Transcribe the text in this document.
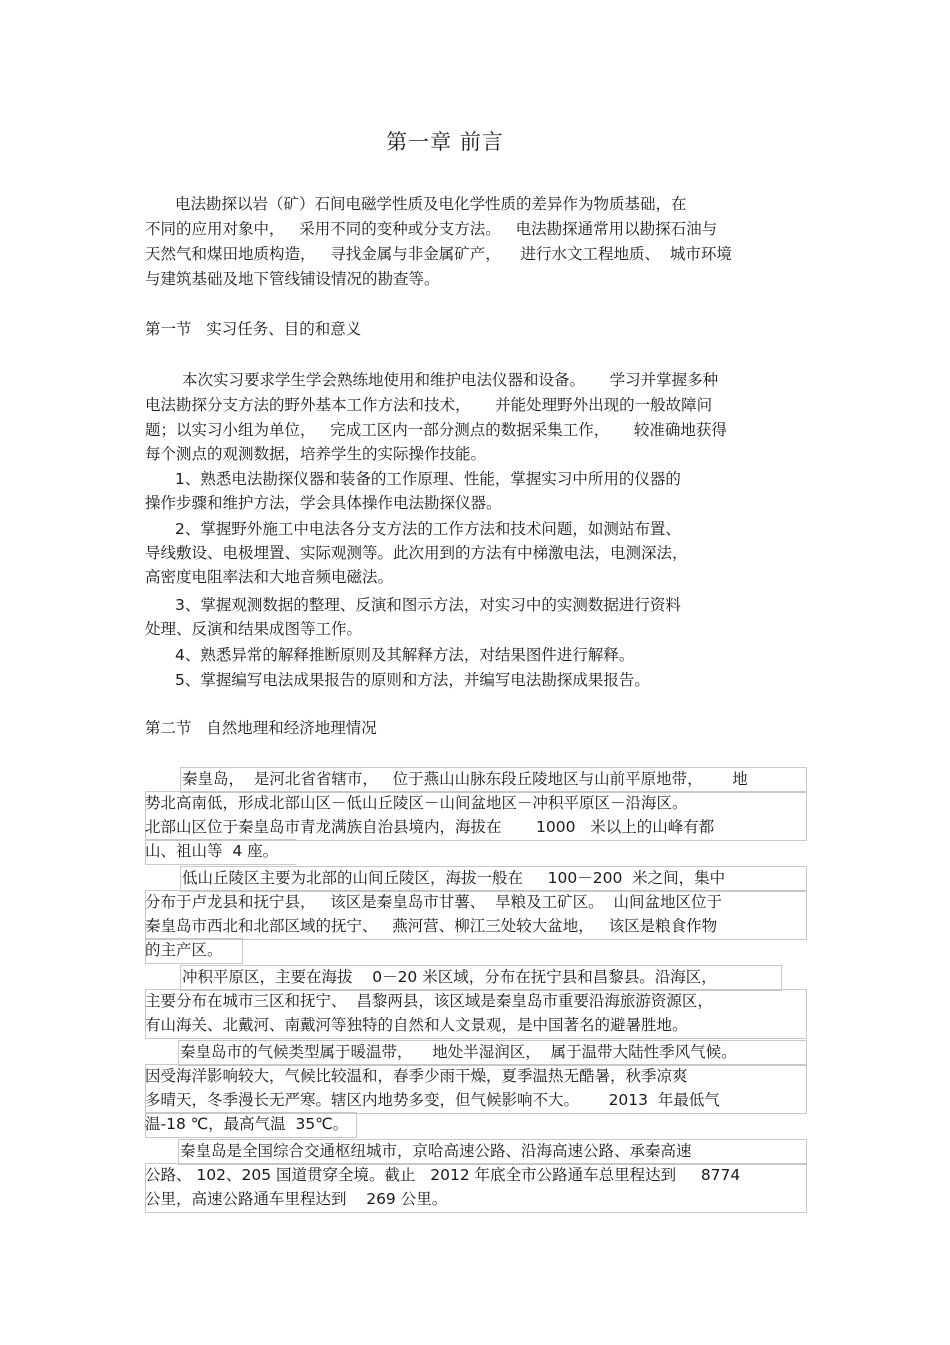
第一章 前言
电法勘探以岩（矿）石间电磁学性质及电化学性质的差异作为物质基础，在
不同的应用对象中，   采用不同的变种或分支方法。   电法勘探通常用以勘探石油与
天然气和煤田地质构造，   寻找金属与非金属矿产，    进行水文工程地质、  城市环境
与建筑基础及地下管线铺设情况的勘查等。
第一节   实习任务、目的和意义
本次实习要求学生学会熟练地使用和维护电法仪器和设备。     学习并掌握多种
电法勘探分支方法的野外基本工作方法和技术，     并能处理野外出现的一般故障问
题；以实习小组为单位，   完成工区内一部分测点的数据采集工作，     较准确地获得
每个测点的观测数据，培养学生的实际操作技能。
1、熟悉电法勘探仪器和装备的工作原理、性能，掌握实习中所用的仪器的
操作步骤和维护方法，学会具体操作电法勘探仪器。
2、掌握野外施工中电法各分支方法的工作方法和技术问题，如测站布置、
导线敷设、电极埋置、实际观测等。此次用到的方法有中梯激电法，电测深法，
高密度电阻率法和大地音频电磁法。
3、掌握观测数据的整理、反演和图示方法，对实习中的实测数据进行资料
处理、反演和结果成图等工作。
4、熟悉异常的解释推断原则及其解释方法，对结果图件进行解释。
5、掌握编写电法成果报告的原则和方法，并编写电法勘探成果报告。
第二节   自然地理和经济地理情况
秦皇岛，  是河北省省辖市，   位于燕山山脉东段丘陵地区与山前平原地带，      地
势北高南低，形成北部山区－低山丘陵区－山间盆地区－冲积平原区－沿海区。
北部山区位于秦皇岛市青龙满族自治县境内，海拔在       1000   米以上的山峰有都
山、祖山等  4 座。
低山丘陵区主要为北部的山间丘陵区，海拔一般在     100－200  米之间，集中
分布于卢龙县和抚宁县，   该区是秦皇岛市甘薯、  旱粮及工矿区。  山间盆地区位于
秦皇岛市西北和北部区域的抚宁、   燕河营、柳江三处较大盆地，   该区是粮食作物
的主产区。
冲积平原区，主要在海拔    0－20 米区域，分布在抚宁县和昌黎县。沿海区，
主要分布在城市三区和抚宁、  昌黎两县，该区域是秦皇岛市重要沿海旅游资源区，
有山海关、北戴河、南戴河等独特的自然和人文景观，是中国著名的避暑胜地。
秦皇岛市的气候类型属于暖温带，    地处半湿润区，  属于温带大陆性季风气候。
因受海洋影响较大，气候比较温和，春季少雨干燥，夏季温热无酷暑，秋季凉爽
多晴天，冬季漫长无严寒。辖区内地势多变，但气候影响不大。      2013  年最低气
温-18 ℃，最高气温  35℃。
秦皇岛是全国综合交通枢纽城市，京哈高速公路、沿海高速公路、承秦高速
公路、 102、205 国道贯穿全境。截止   2012 年底全市公路通车总里程达到     8774
公里，高速公路通车里程达到    269 公里。
